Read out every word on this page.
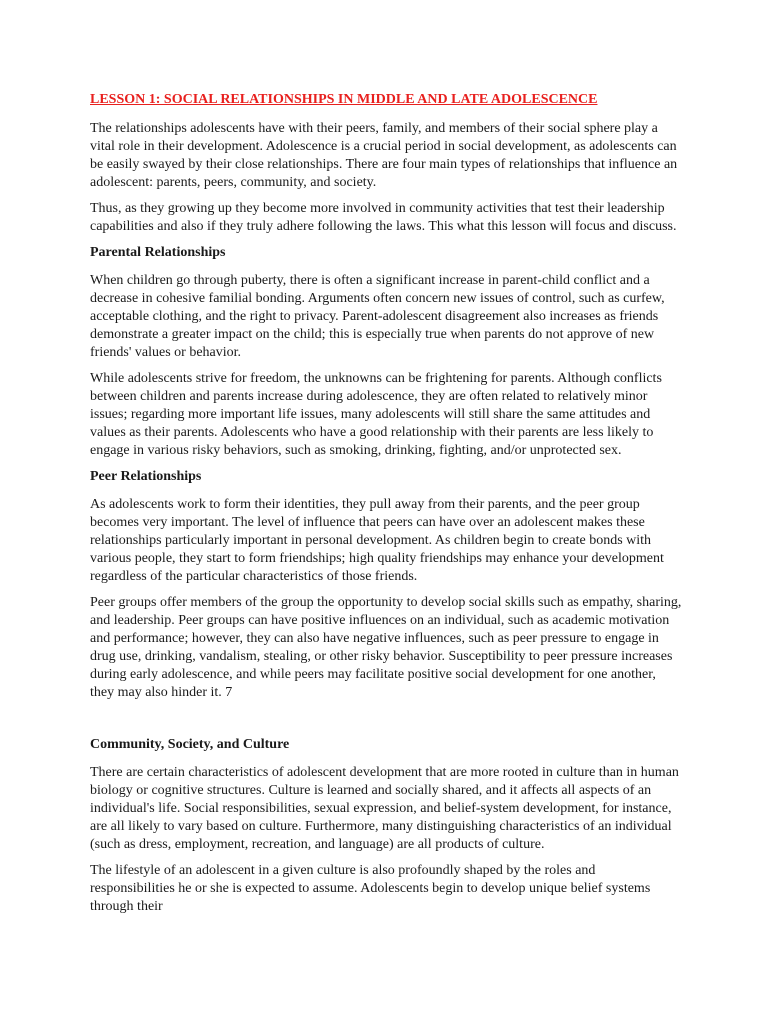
LESSON 1: SOCIAL RELATIONSHIPS IN MIDDLE AND LATE ADOLESCENCE

The relationships adolescents have with their peers, family, and members of their social sphere play a vital role in their development. Adolescence is a crucial period in social development, as adolescents can be easily swayed by their close relationships. There are four main types of relationships that influence an adolescent: parents, peers, community, and society.

Thus, as they growing up they become more involved in community activities that test their leadership capabilities and also if they truly adhere following the laws. This what this lesson will focus and discuss.

Parental Relationships

When children go through puberty, there is often a significant increase in parent-child conflict and a decrease in cohesive familial bonding. Arguments often concern new issues of control, such as curfew, acceptable clothing, and the right to privacy. Parent-adolescent disagreement also increases as friends demonstrate a greater impact on the child; this is especially true when parents do not approve of new friends' values or behavior.

While adolescents strive for freedom, the unknowns can be frightening for parents. Although conflicts between children and parents increase during adolescence, they are often related to relatively minor issues; regarding more important life issues, many adolescents will still share the same attitudes and values as their parents. Adolescents who have a good relationship with their parents are less likely to engage in various risky behaviors, such as smoking, drinking, fighting, and/or unprotected sex.

Peer Relationships

As adolescents work to form their identities, they pull away from their parents, and the peer group becomes very important. The level of influence that peers can have over an adolescent makes these relationships particularly important in personal development. As children begin to create bonds with various people, they start to form friendships; high quality friendships may enhance your development regardless of the particular characteristics of those friends.

Peer groups offer members of the group the opportunity to develop social skills such as empathy, sharing, and leadership. Peer groups can have positive influences on an individual, such as academic motivation and performance; however, they can also have negative influences, such as peer pressure to engage in drug use, drinking, vandalism, stealing, or other risky behavior. Susceptibility to peer pressure increases during early adolescence, and while peers may facilitate positive social development for one another, they may also hinder it. 7

Community, Society, and Culture

There are certain characteristics of adolescent development that are more rooted in culture than in human biology or cognitive structures. Culture is learned and socially shared, and it affects all aspects of an individual's life. Social responsibilities, sexual expression, and belief-system development, for instance, are all likely to vary based on culture. Furthermore, many distinguishing characteristics of an individual (such as dress, employment, recreation, and language) are all products of culture.

The lifestyle of an adolescent in a given culture is also profoundly shaped by the roles and responsibilities he or she is expected to assume. Adolescents begin to develop unique belief systems through their
